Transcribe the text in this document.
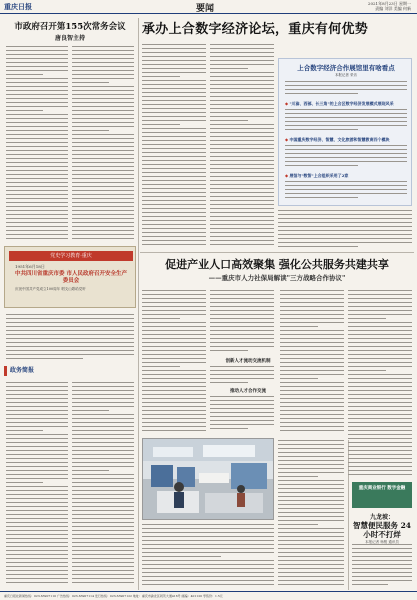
重庆日报	要闻
2021年8月23日 星期一
责编 刘洋 美编 何新
市政府召开第155次常务会议
唐良智主持
党史学习教育·重庆
1951年6月18日
中共四川省重庆市委 市人民政府召开安全生产委员会
庆祝中国共产党成立100周年 唱支山歌给党听
政务简报
承办上合数字经济论坛，重庆有何优势
上合数字经济合作展馆里有啥看点
本报记者 采访
◆ "川渝、西部、长三角"的上合区数字经济发展模式展现风采
◆ 中国重庆数字经济、智慧、文化旅游和智慧教育四个模块
◆ 展馆与"数智"上合组织采用了2家
促进产业人口高效聚集 强化公共服务共建共享
——重庆市人力社保局解读"三方战略合作协议"
创新人才流动交流机制
推动人才合作交流
重庆商业银行 数字金融
九龙坡：
智慧便民服务 24小时不打烊
本报记者 杨骏 通讯员
重庆日报社新闻热线：023-63907110 广告热线：023-63907114 发行热线：023-63907122 地址：重庆市渝北区同茂大道416号 邮编：401120 零售价：1.5元
